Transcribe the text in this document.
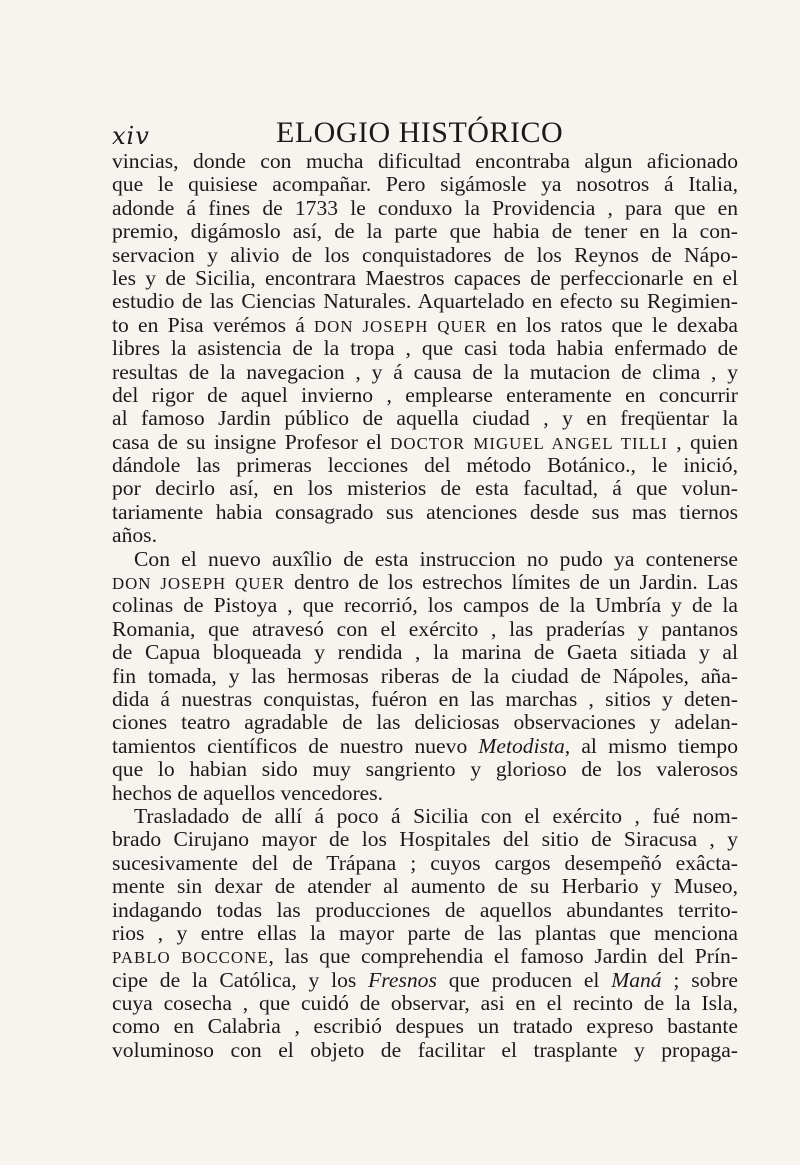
xiv	ELOGIO HISTÓRICO
vincias, donde con mucha dificultad encontraba algun aficionado
que le quisiese acompañar. Pero sigámosle ya nosotros á Italia,
adonde á fines de 1733 le conduxo la Providencia , para que en
premio, digámoslo así, de la parte que habia de tener en la con-
servacion y alivio de los conquistadores de los Reynos de Nápo-
les y de Sicilia, encontrara Maestros capaces de perfeccionarle en el
estudio de las Ciencias Naturales. Aquartelado en efecto su Regimien-
to en Pisa verémos á DON JOSEPH QUER en los ratos que le dexaba
libres la asistencia de la tropa , que casi toda habia enfermado de
resultas de la navegacion , y á causa de la mutacion de clima , y
del rigor de aquel invierno , emplearse enteramente en concurrir
al famoso Jardin público de aquella ciudad , y en freqüentar la
casa de su insigne Profesor el DOCTOR MIGUEL ANGEL TILLI , quien
dándole las primeras lecciones del método Botánico., le inició,
por decirlo así, en los misterios de esta facultad, á que volun-
tariamente habia consagrado sus atenciones desde sus mas tiernos
años.
Con el nuevo auxîlio de esta instruccion no pudo ya contenerse
DON JOSEPH QUER dentro de los estrechos límites de un Jardin. Las
colinas de Pistoya , que recorrió, los campos de la Umbría y de la
Romania, que atravesó con el exército , las praderías y pantanos
de Capua bloqueada y rendida , la marina de Gaeta sitiada y al
fin tomada, y las hermosas riberas de la ciudad de Nápoles, aña-
dida á nuestras conquistas, fuéron en las marchas , sitios y deten-
ciones teatro agradable de las deliciosas observaciones y adelan-
tamientos científicos de nuestro nuevo Metodista, al mismo tiempo
que lo habian sido muy sangriento y glorioso de los valerosos
hechos de aquellos vencedores.
Trasladado de allí á poco á Sicilia con el exército , fué nom-
brado Cirujano mayor de los Hospitales del sitio de Siracusa , y
sucesivamente del de Trápana ; cuyos cargos desempeñó exâcta-
mente sin dexar de atender al aumento de su Herbario y Museo,
indagando todas las producciones de aquellos abundantes territo-
rios , y entre ellas la mayor parte de las plantas que menciona
PABLO BOCCONE, las que comprehendia el famoso Jardin del Prín-
cipe de la Católica, y los Fresnos que producen el Maná ; sobre
cuya cosecha , que cuidó de observar, asi en el recinto de la Isla,
como en Calabria , escribió despues un tratado expreso bastante
voluminoso con el objeto de facilitar el trasplante y propaga-
